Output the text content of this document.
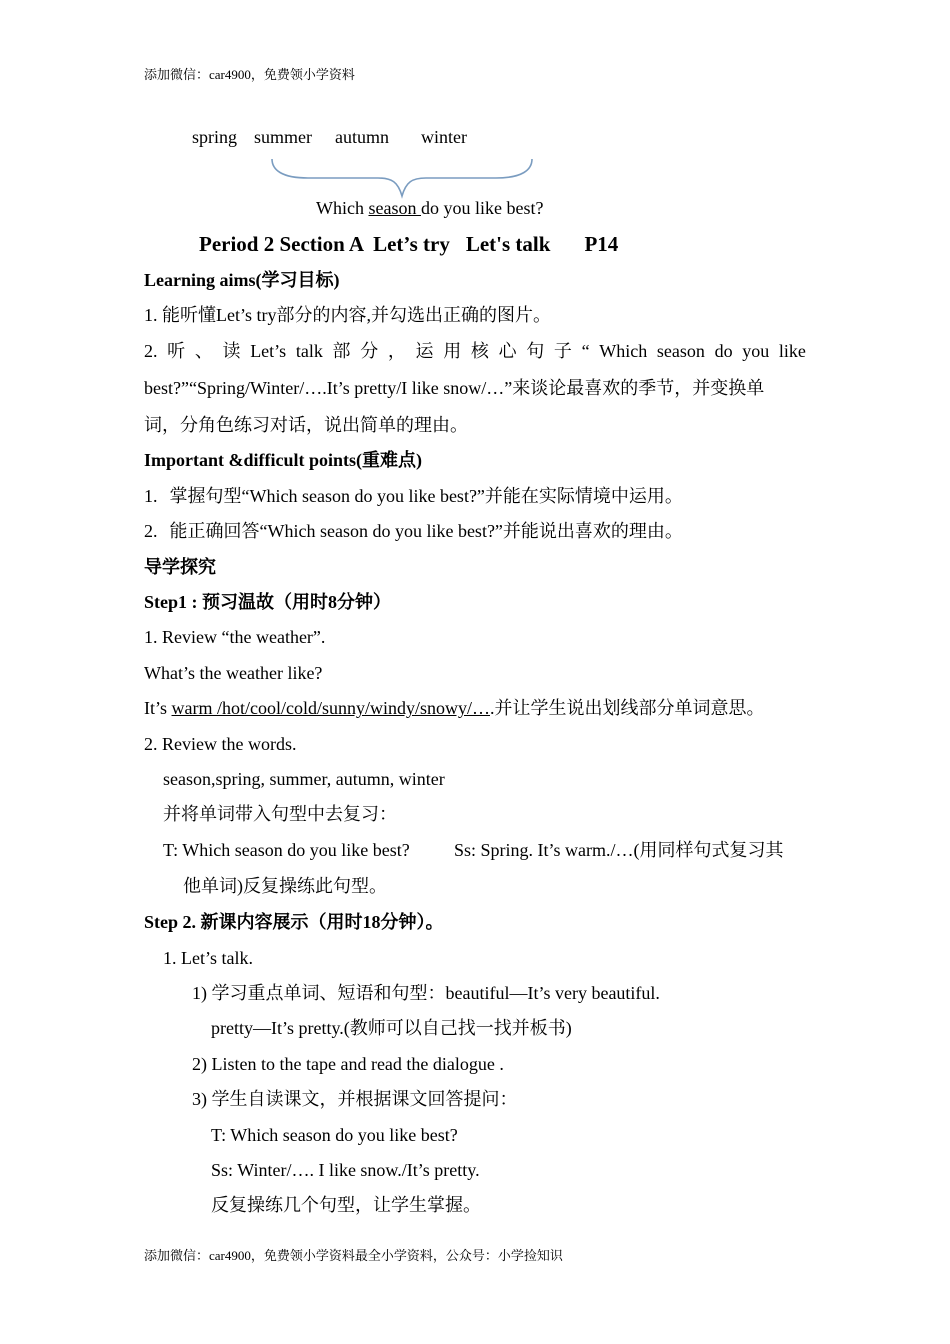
添加微信：car4900，免费领小学资料
spring summer autumn winter
Which season do you like best?
Period 2 Section A Let’s try Let's talk P14
Learning aims(学习目标)
1. 能听懂Let’s try部分的内容,并勾选出正确的图片。
2. 听 、 读 Let’s talk 部 分 ， 运 用 核 心 句 子 “ Which season do you like
best?”“Spring/Winter/….It’s pretty/I like snow/…”来谈论最喜欢的季节，并变换单
词，分角色练习对话，说出简单的理由。
Important &difficult points(重难点)
1. 掌握句型“Which season do you like best?”并能在实际情境中运用。
2. 能正确回答“Which season do you like best?”并能说出喜欢的理由。
导学探究
Step1 : 预习温故（用时8分钟）
1. Review “the weather”.
What’s the weather like?
It’s warm /hot/cool/cold/sunny/windy/snowy/….并让学生说出划线部分单词意思。
2. Review the words.
season,spring, summer, autumn, winter
并将单词带入句型中去复习：
T: Which season do you like best? Ss: Spring. It’s warm./…(用同样句式复习其
他单词)反复操练此句型。
Step 2. 新课内容展示（用时18分钟）。
1. Let’s talk.
1) 学习重点单词、短语和句型：beautiful—It’s very beautiful.
pretty—It’s pretty.(教师可以自己找一找并板书)
2) Listen to the tape and read the dialogue .
3) 学生自读课文，并根据课文回答提问：
T: Which season do you like best?
Ss: Winter/…. I like snow./It’s pretty.
反复操练几个句型，让学生掌握。
添加微信：car4900，免费领小学资料最全小学资料，公众号：小学捡知识
